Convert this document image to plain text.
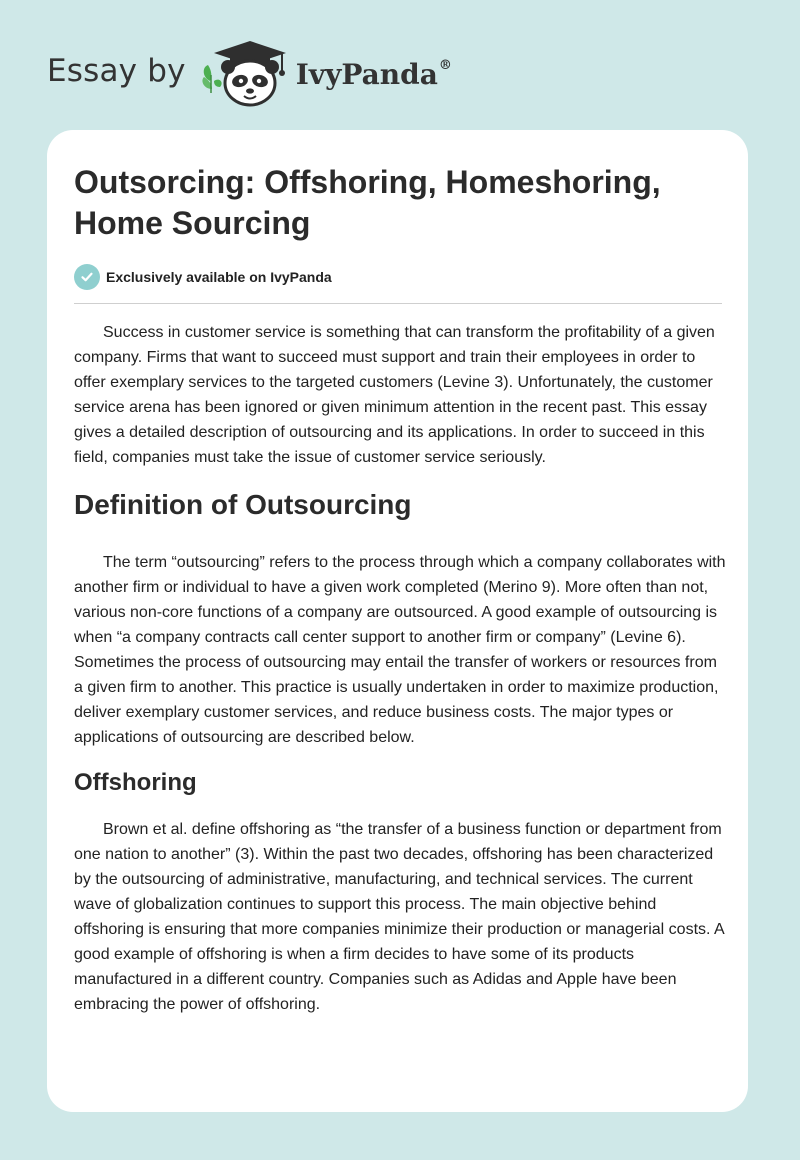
Essay by	IvyPanda®
Outsorcing: Offshoring, Homeshoring, Home Sourcing
Exclusively available on IvyPanda

Success in customer service is something that can transform the profitability of a given company. Firms that want to succeed must support and train their employees in order to offer exemplary services to the targeted customers (Levine 3). Unfortunately, the customer service arena has been ignored or given minimum attention in the recent past. This essay gives a detailed description of outsourcing and its applications. In order to succeed in this field, companies must take the issue of customer service seriously.

Definition of Outsourcing

The term “outsourcing” refers to the process through which a company collaborates with another firm or individual to have a given work completed (Merino 9). More often than not, various non-core functions of a company are outsourced. A good example of outsourcing is when “a company contracts call center support to another firm or company” (Levine 6). Sometimes the process of outsourcing may entail the transfer of workers or resources from a given firm to another. This practice is usually undertaken in order to maximize production, deliver exemplary customer services, and reduce business costs. The major types or applications of outsourcing are described below.

Offshoring

Brown et al. define offshoring as “the transfer of a business function or department from one nation to another” (3). Within the past two decades, offshoring has been characterized by the outsourcing of administrative, manufacturing, and technical services. The current wave of globalization continues to support this process. The main objective behind offshoring is ensuring that more companies minimize their production or managerial costs. A good example of offshoring is when a firm decides to have some of its products manufactured in a different country. Companies such as Adidas and Apple have been embracing the power of offshoring.
